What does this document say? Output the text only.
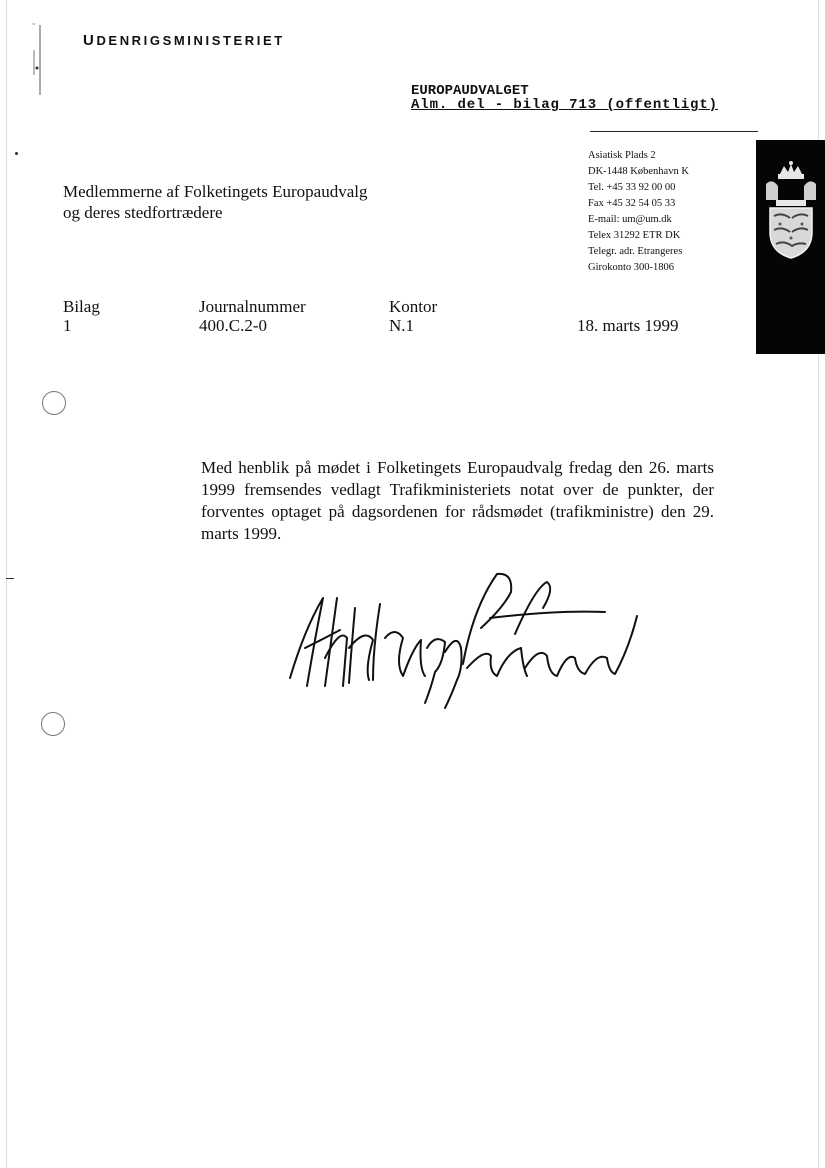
"
UDENRIGSMINISTERIET
EUROPAUDVALGET
Alm. del - bilag 713 (offentligt)
Medlemmerne af Folketingets Europaudvalg
og deres stedfortrædere
Asiatisk Plads 2
DK-1448 København K
Tel. +45 33 92 00 00
Fax +45 32 54 05 33
E-mail: um@um.dk
Telex 31292 ETR DK
Telegr. adr. Etrangeres
Girokonto 300-1806
Bilag
1
Journalnummer
400.C.2-0
Kontor
N.1	18. marts 1999
Med henblik på mødet i Folketingets Europaudvalg fredag den 26. marts 1999 fremsendes vedlagt Trafikministeriets notat over de punkter, der forventes optaget på dagsordenen for rådsmødet (trafikministre) den 29. marts 1999.
